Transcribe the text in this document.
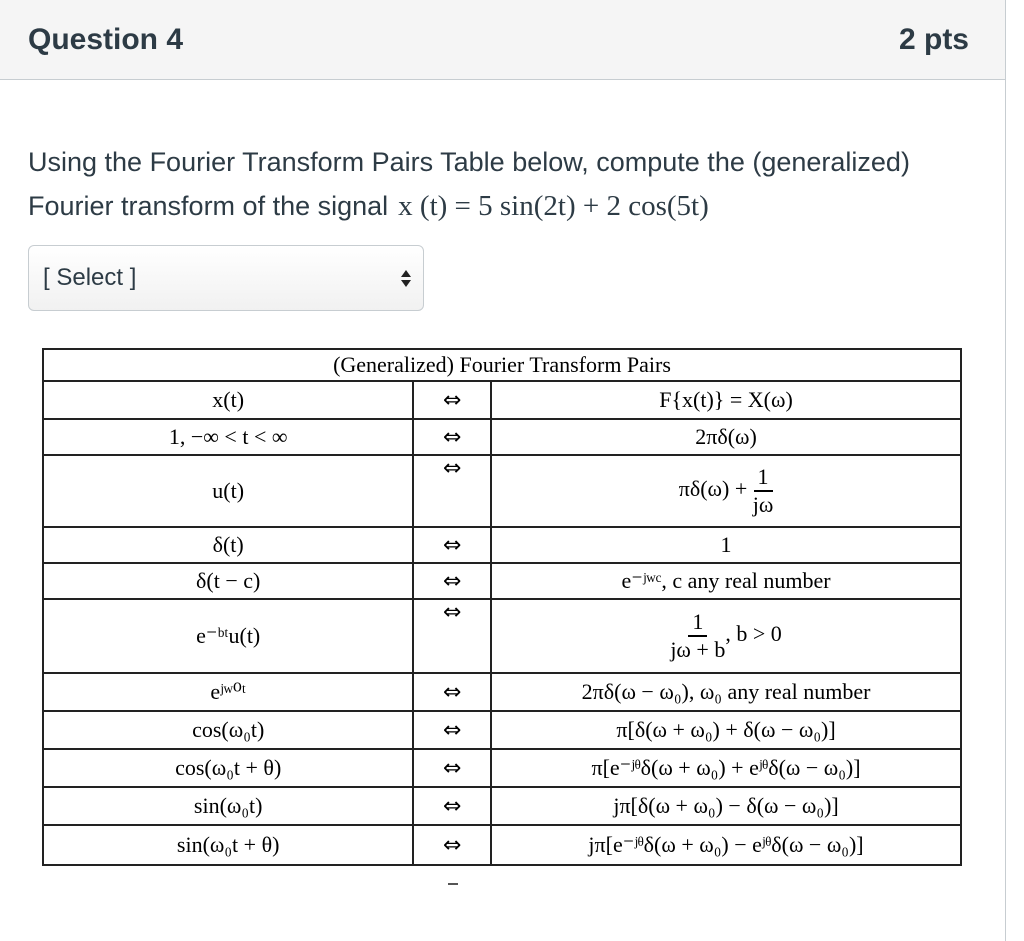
Question 4	2 pts
Using the Fourier Transform Pairs Table below, compute the (generalized)
Fourier transform of the signal x (t) = 5 sin(2t) + 2 cos(5t)
[ Select ]
(Generalized) Fourier Transform Pairs		
x(t)	⇔	F{x(t)} = X(ω)
1, −∞ < t < ∞	⇔	2πδ(ω)
u(t)	⇔	$\pi\delta(\omega) + \frac{1}{j\omega}$

δ(t)	⇔	1
δ(t − c)	⇔	e⁻ʲʷᶜ, c any real number
e⁻ᵇᵗu(t)	⇔	$\frac{1}{j\omega + b}$ , b > 0
eʲʷ⁰ᵗ	⇔	2πδ(ω − ω₀), ω₀ any real number
cos(ω₀t)	⇔	π[δ(ω + ω₀) + δ(ω − ω₀)]
cos(ω₀t + θ)	⇔	π[e⁻ʲᶿδ(ω + ω₀) + eʲᶿδ(ω − ω₀)]
sin(ω₀t)	⇔	jπ[δ(ω + ω₀) − δ(ω − ω₀)]
sin(ω₀t + θ)	⇔	jπ[e⁻ʲᶿδ(ω + ω₀) − eʲᶿδ(ω − ω₀)]
